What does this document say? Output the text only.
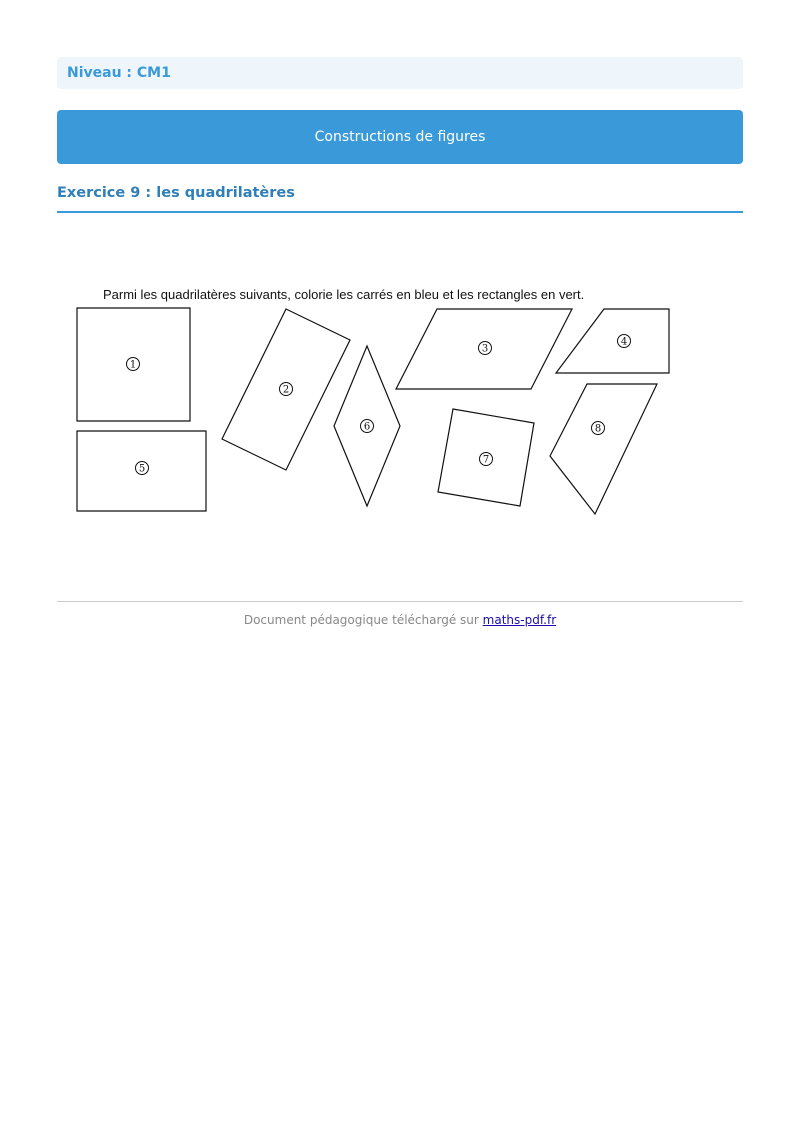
Niveau : CM1
Constructions de figures
Exercice 9 : les quadrilatères
Parmi les quadrilatères suivants, colorie les carrés en bleu et les rectangles en vert.
1
5
2
6
3
4
7
8
Document pédagogique téléchargé sur maths-pdf.fr
